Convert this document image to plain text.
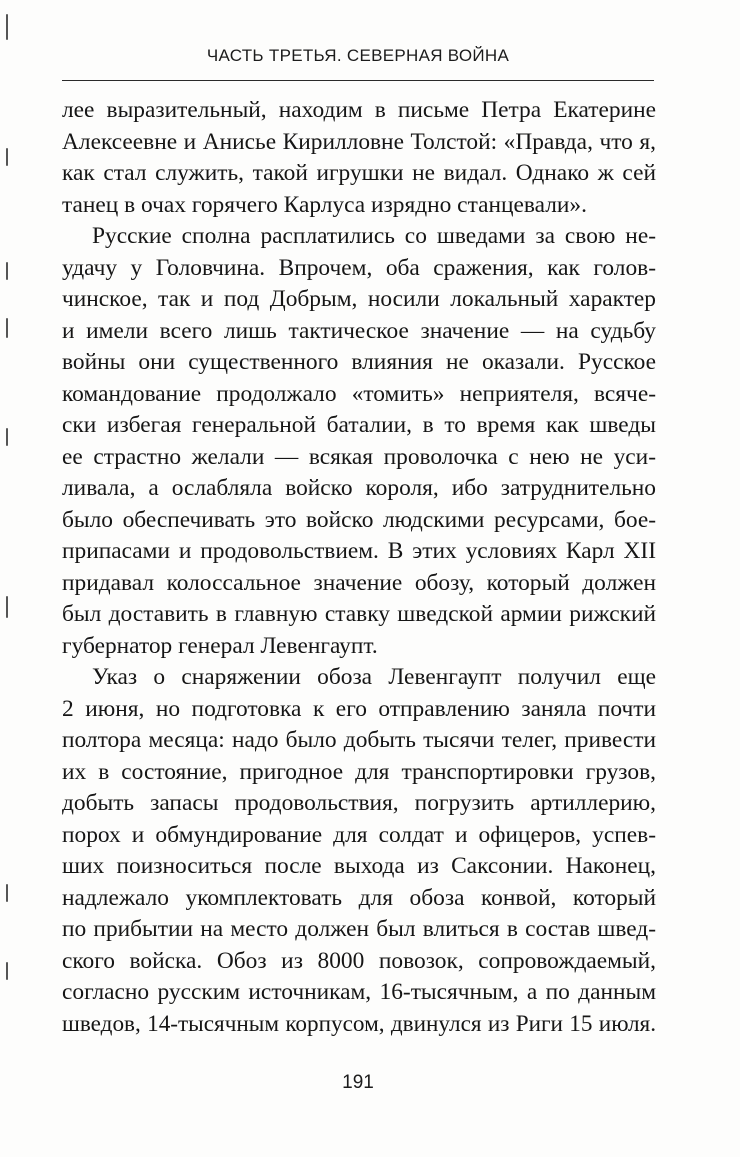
ЧАСТЬ ТРЕТЬЯ. СЕВЕРНАЯ ВОЙНА
лее выразительный, находим в письме Петра Екатерине
Алексеевне и Анисье Кирилловне Толстой: «Правда, что я,
как стал служить, такой игрушки не видал. Однако ж сей
танец в очах горячего Карлуса изрядно станцевали».
Русские сполна расплатились со шведами за свою не-
удачу у Головчина. Впрочем, оба сражения, как голов-
чинское, так и под Добрым, носили локальный характер
и имели всего лишь тактическое значение — на судьбу
войны они существенного влияния не оказали. Русское
командование продолжало «томить» неприятеля, всяче-
ски избегая генеральной баталии, в то время как шведы
ее страстно желали — всякая проволочка с нею не уси-
ливала, а ослабляла войско короля, ибо затруднительно
было обеспечивать это войско людскими ресурсами, бое-
припасами и продовольствием. В этих условиях Карл XII
придавал колоссальное значение обозу, который должен
был доставить в главную ставку шведской армии рижский
губернатор генерал Левенгаупт.
Указ о снаряжении обоза Левенгаупт получил еще
2 июня, но подготовка к его отправлению заняла почти
полтора месяца: надо было добыть тысячи телег, привести
их в состояние, пригодное для транспортировки грузов,
добыть запасы продовольствия, погрузить артиллерию,
порох и обмундирование для солдат и офицеров, успев-
ших поизноситься после выхода из Саксонии. Наконец,
надлежало укомплектовать для обоза конвой, который
по прибытии на место должен был влиться в состав швед-
ского войска. Обоз из 8000 повозок, сопровождаемый,
согласно русским источникам, 16-тысячным, а по данным
шведов, 14-тысячным корпусом, двинулся из Риги 15 июля.
191
